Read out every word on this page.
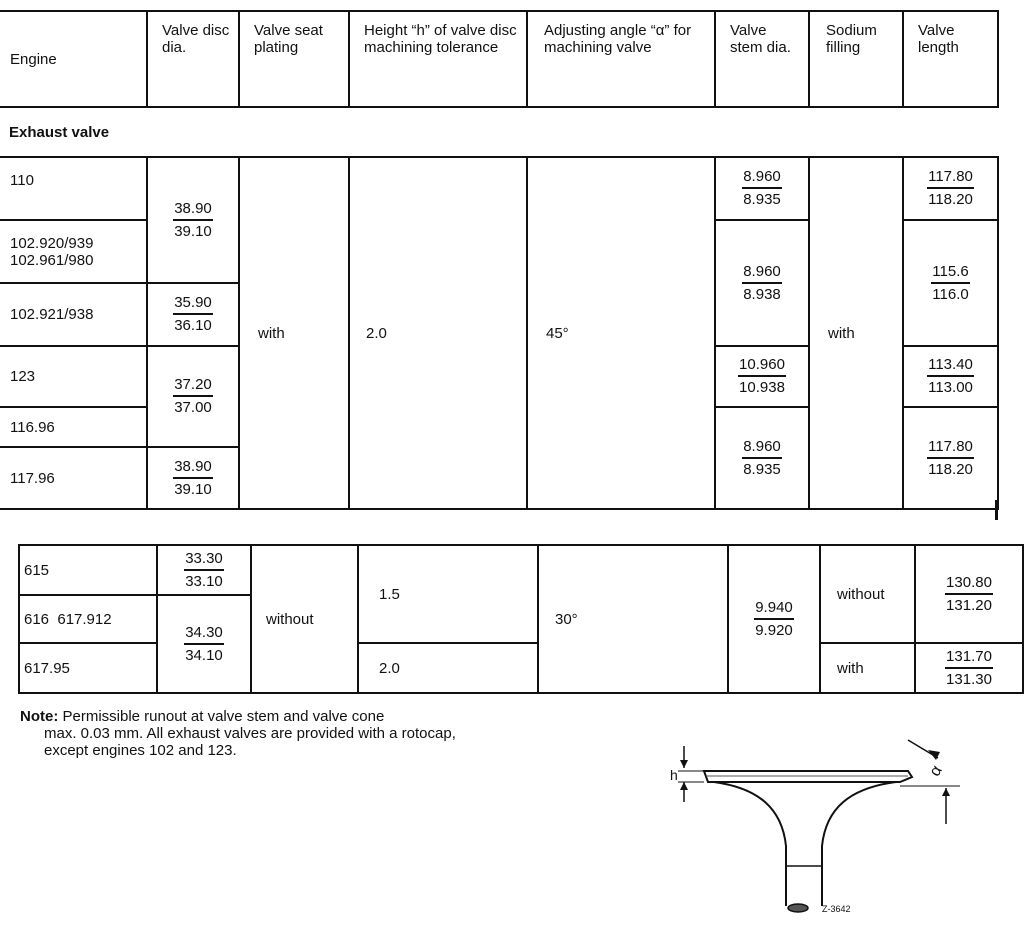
Engine	Valve disc dia.	Valve seat plating	Height “h” of valve disc machining tolerance	Adjusting angle “α” for machining valve	Valve stem dia.	Sodium filling	Valve length
Exhaust valve							
110	$\frac{38.90}{39.10}$	with	2.0	45°	$\frac{8.960}{8.935}$	with	$\frac{117.80}{118.20}$

102.920/939
102.961/980					$\frac{8.960}{8.938}$		$\frac{115.6}{116.0}$

102.921/938	$\frac{35.90}{36.10}$

123	$\frac{37.20}{37.00}$				$\frac{10.960}{10.938}$		$\frac{113.40}{113.00}$

116.96					$\frac{8.960}{8.935}$		$\frac{117.80}{118.20}$

117.96	$\frac{38.90}{39.10}$
615	$\frac{33.30}{33.10}$	without	1.5	30°	$\frac{9.940}{9.920}$	without	$\frac{130.80}{131.20}$

616  617.912	$\frac{34.30}{34.10}$

617.95			2.0			with	$\frac{131.70}{131.30}$
Note: Permissible runout at valve stem and valve cone
max. 0.03 mm. All exhaust valves are provided with a rotocap,
except engines 102 and 123.
h	α
Z-3642
